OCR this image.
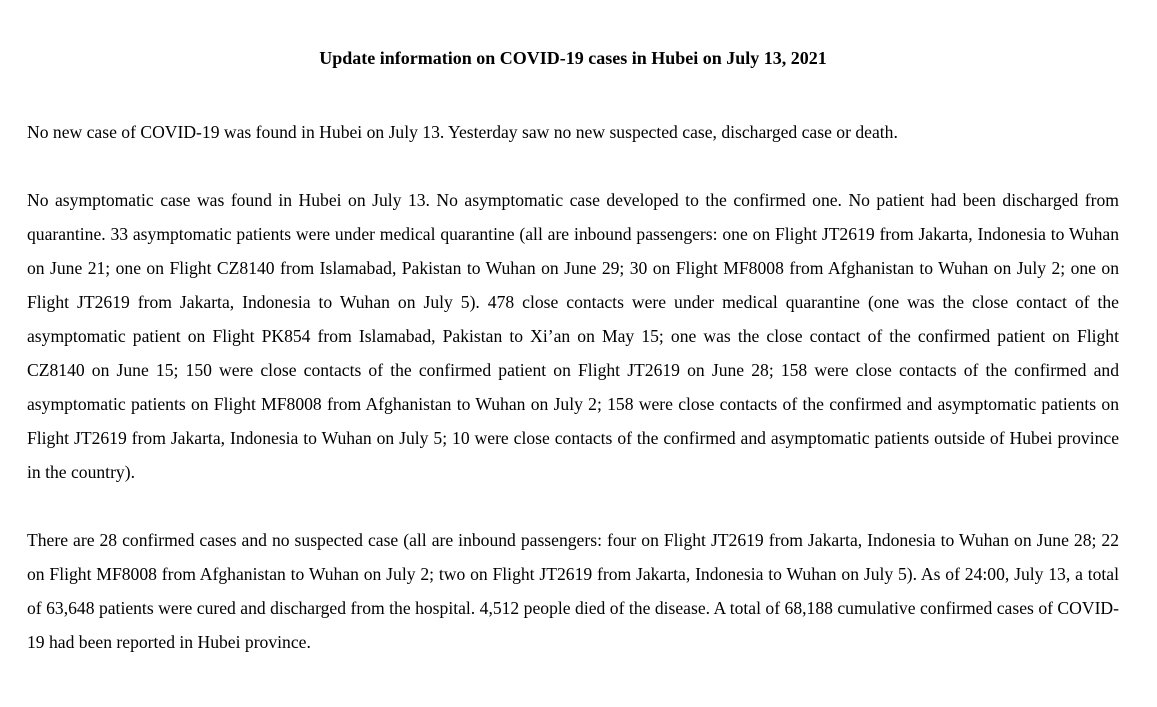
Update information on COVID-19 cases in Hubei on July 13, 2021

No new case of COVID-19 was found in Hubei on July 13. Yesterday saw no new suspected case, discharged case or death.

No asymptomatic case was found in Hubei on July 13. No asymptomatic case developed to the confirmed one. No patient had been discharged from quarantine. 33 asymptomatic patients were under medical quarantine (all are inbound passengers: one on Flight JT2619 from Jakarta, Indonesia to Wuhan on June 21; one on Flight CZ8140 from Islamabad, Pakistan to Wuhan on June 29; 30 on Flight MF8008 from Afghanistan to Wuhan on July 2; one on Flight JT2619 from Jakarta, Indonesia to Wuhan on July 5). 478 close contacts were under medical quarantine (one was the close contact of the asymptomatic patient on Flight PK854 from Islamabad, Pakistan to Xi’an on May 15; one was the close contact of the confirmed patient on Flight CZ8140 on June 15; 150 were close contacts of the confirmed patient on Flight JT2619 on June 28; 158 were close contacts of the confirmed and asymptomatic patients on Flight MF8008 from Afghanistan to Wuhan on July 2; 158 were close contacts of the confirmed and asymptomatic patients on Flight JT2619 from Jakarta, Indonesia to Wuhan on July 5; 10 were close contacts of the confirmed and asymptomatic patients outside of Hubei province in the country).

There are 28 confirmed cases and no suspected case (all are inbound passengers: four on Flight JT2619 from Jakarta, Indonesia to Wuhan on June 28; 22 on Flight MF8008 from Afghanistan to Wuhan on July 2; two on Flight JT2619 from Jakarta, Indonesia to Wuhan on July 5). As of 24:00, July 13, a total of 63,648 patients were cured and discharged from the hospital. 4,512 people died of the disease. A total of 68,188 cumulative confirmed cases of COVID-19 had been reported in Hubei province.
